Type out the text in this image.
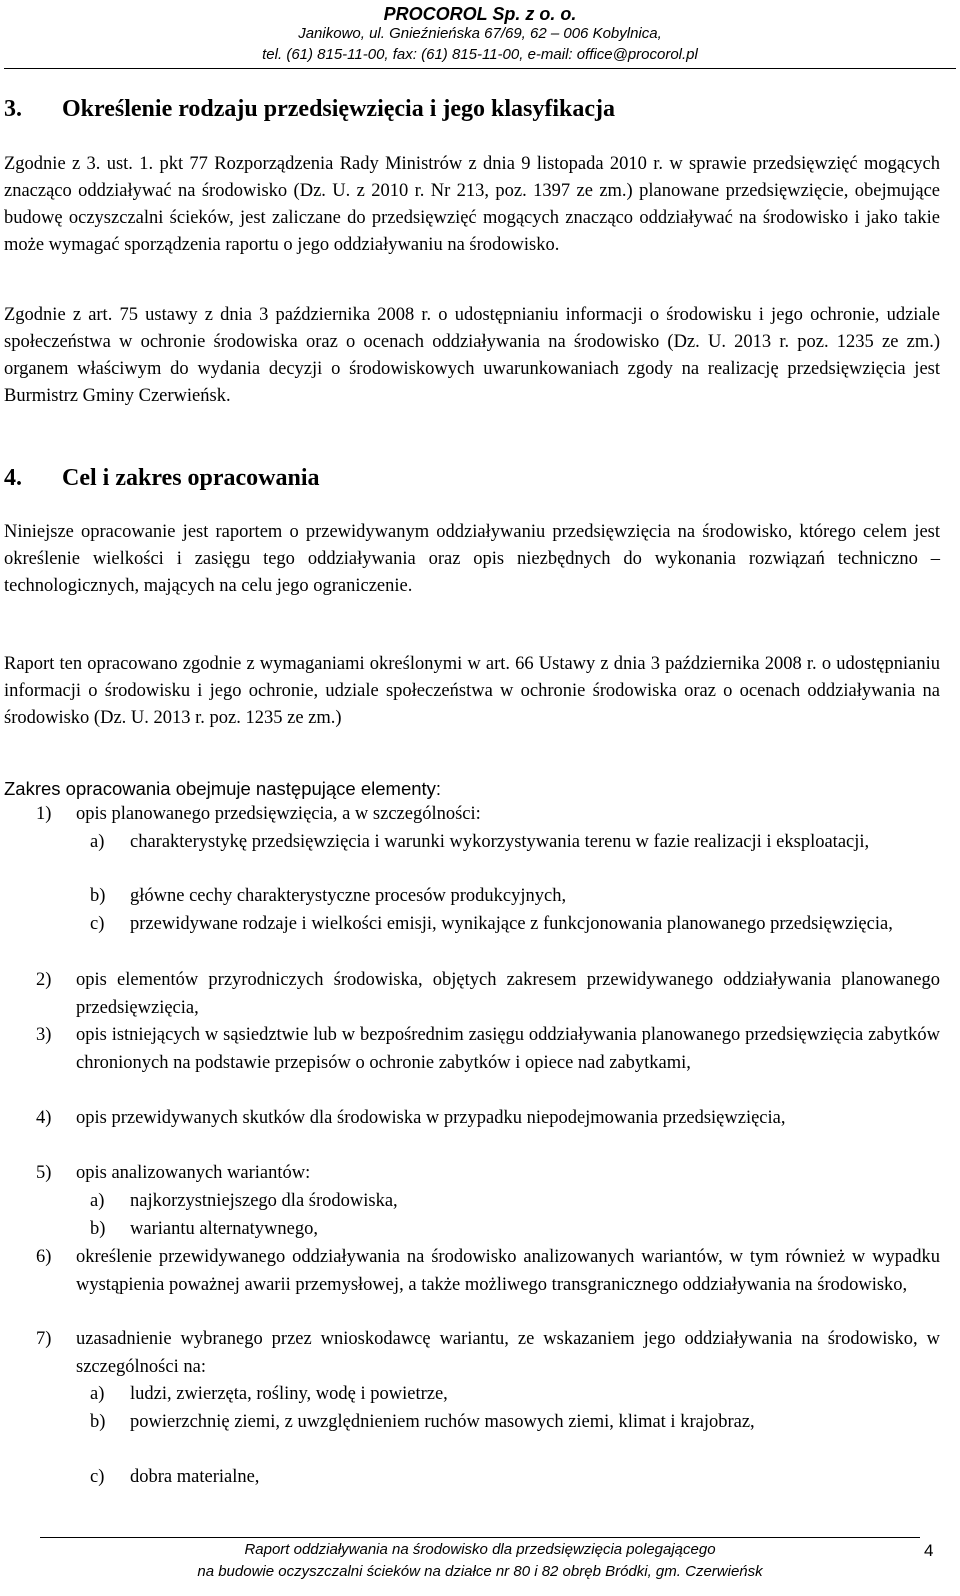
PROCOROL Sp. z o. o.
Janikowo, ul. Gnieźnieńska 67/69, 62 – 006 Kobylnica,
tel. (61) 815-11-00, fax: (61) 815-11-00, e-mail: office@procorol.pl
3. Określenie rodzaju przedsięwzięcia i jego klasyfikacja

Zgodnie z 3. ust. 1. pkt 77 Rozporządzenia Rady Ministrów z dnia 9 listopada 2010 r. w sprawie przedsięwzięć mogących znacząco oddziaływać na środowisko (Dz. U. z 2010 r. Nr 213, poz. 1397 ze zm.) planowane przedsięwzięcie, obejmujące budowę oczyszczalni ścieków, jest zaliczane do przedsięwzięć mogących znacząco oddziaływać na środowisko i jako takie może wymagać sporządzenia raportu o jego oddziaływaniu na środowisko.

Zgodnie z art. 75 ustawy z dnia 3 października 2008 r. o udostępnianiu informacji o środowisku i jego ochronie, udziale społeczeństwa w ochronie środowiska oraz o ocenach oddziaływania na środowisko (Dz. U. 2013 r. poz. 1235 ze zm.) organem właściwym do wydania decyzji o środowiskowych uwarunkowaniach zgody na realizację przedsięwzięcia jest Burmistrz Gminy Czerwieńsk.

4. Cel i zakres opracowania

Niniejsze opracowanie jest raportem o przewidywanym oddziaływaniu przedsięwzięcia na środowisko, którego celem jest określenie wielkości i zasięgu tego oddziaływania oraz opis niezbędnych do wykonania rozwiązań techniczno – technologicznych, mających na celu jego ograniczenie.

Raport ten opracowano zgodnie z wymaganiami określonymi w art. 66 Ustawy z dnia 3 października 2008 r. o udostępnianiu informacji o środowisku i jego ochronie, udziale społeczeństwa w ochronie środowiska oraz o ocenach oddziaływania na środowisko (Dz. U. 2013 r. poz. 1235 ze zm.)

Zakres opracowania obejmuje następujące elementy:

1) opis planowanego przedsięwzięcia, a w szczególności:
a) charakterystykę przedsięwzięcia i warunki wykorzystywania terenu w fazie realizacji i eksploatacji,
b) główne cechy charakterystyczne procesów produkcyjnych,
c) przewidywane rodzaje i wielkości emisji, wynikające z funkcjonowania planowanego przedsięwzięcia,
2) opis elementów przyrodniczych środowiska, objętych zakresem przewidywanego oddziaływania planowanego przedsięwzięcia,
3) opis istniejących w sąsiedztwie lub w bezpośrednim zasięgu oddziaływania planowanego przedsięwzięcia zabytków chronionych na podstawie przepisów o ochronie zabytków i opiece nad zabytkami,
4) opis przewidywanych skutków dla środowiska w przypadku niepodejmowania przedsięwzięcia,
5) opis analizowanych wariantów:
a) najkorzystniejszego dla środowiska,
b) wariantu alternatywnego,
6) określenie przewidywanego oddziaływania na środowisko analizowanych wariantów, w tym również w wypadku wystąpienia poważnej awarii przemysłowej, a także możliwego transgranicznego oddziaływania na środowisko,
7) uzasadnienie wybranego przez wnioskodawcę wariantu, ze wskazaniem jego oddziaływania na środowisko, w szczególności na:
a) ludzi, zwierzęta, rośliny, wodę i powietrze,
b) powierzchnię ziemi, z uwzględnieniem ruchów masowych ziemi, klimat i krajobraz,
c) dobra materialne,
Raport oddziaływania na środowisko dla przedsięwzięcia polegającego
na budowie oczyszczalni ścieków na działce nr 80 i 82 obręb Bródki, gm. Czerwieńsk
4
